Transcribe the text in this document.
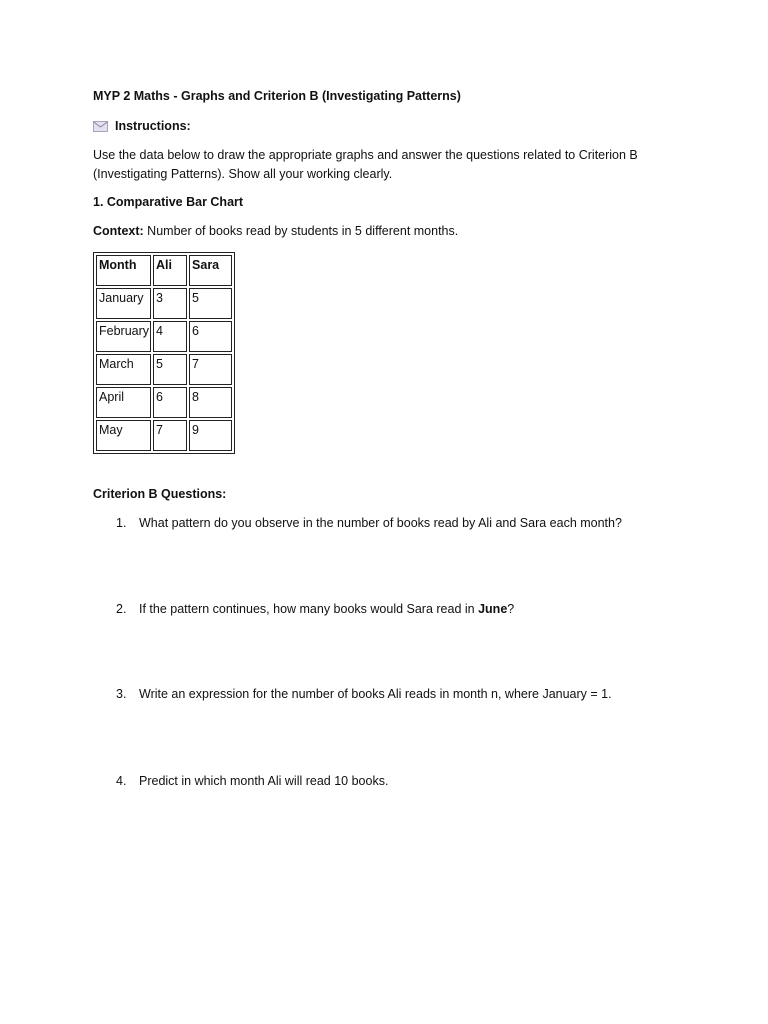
MYP 2 Maths - Graphs and Criterion B (Investigating Patterns)
Instructions:
Use the data below to draw the appropriate graphs and answer the questions related to Criterion B (Investigating Patterns). Show all your working clearly.
1. Comparative Bar Chart
Context: Number of books read by students in 5 different months.
Month	Ali	Sara
January	3	5
February	4	6
March	5	7
April	6	8
May	7	9
Criterion B Questions:
1. What pattern do you observe in the number of books read by Ali and Sara each month?
2. If the pattern continues, how many books would Sara read in June?
3. Write an expression for the number of books Ali reads in month n, where January = 1.
4. Predict in which month Ali will read 10 books.
